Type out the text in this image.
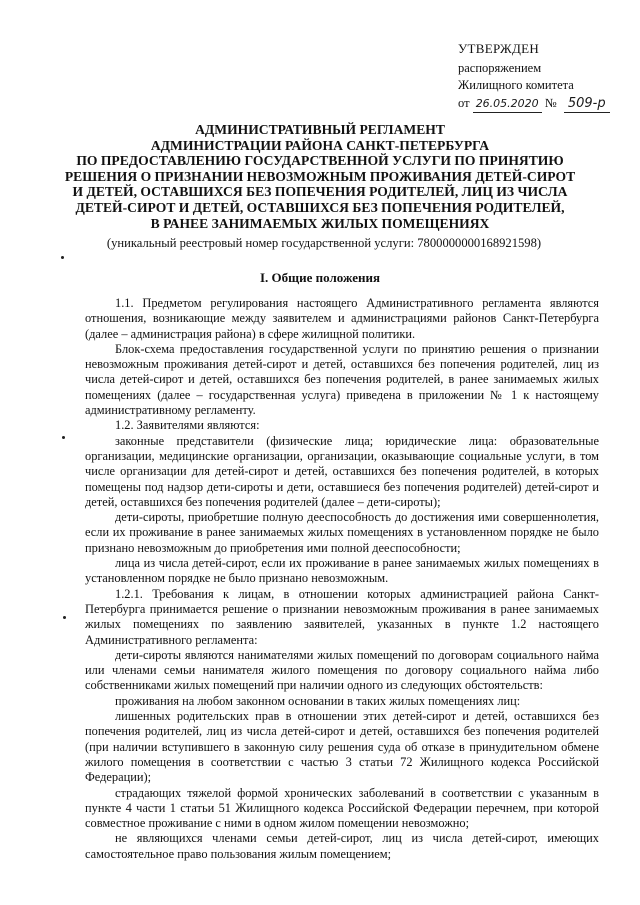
УТВЕРЖДЕН
распоряжением
Жилищного комитета
от 26.05.2020 № 509-р
АДМИНИСТРАТИВНЫЙ РЕГЛАМЕНТ
АДМИНИСТРАЦИИ РАЙОНА САНКТ-ПЕТЕРБУРГА
ПО ПРЕДОСТАВЛЕНИЮ ГОСУДАРСТВЕННОЙ УСЛУГИ ПО ПРИНЯТИЮ
РЕШЕНИЯ О ПРИЗНАНИИ НЕВОЗМОЖНЫМ ПРОЖИВАНИЯ ДЕТЕЙ-СИРОТ
И ДЕТЕЙ, ОСТАВШИХСЯ БЕЗ ПОПЕЧЕНИЯ РОДИТЕЛЕЙ, ЛИЦ ИЗ ЧИСЛА
ДЕТЕЙ-СИРОТ И ДЕТЕЙ, ОСТАВШИХСЯ БЕЗ ПОПЕЧЕНИЯ РОДИТЕЛЕЙ,
В РАНЕЕ ЗАНИМАЕМЫХ ЖИЛЫХ ПОМЕЩЕНИЯХ
(уникальный реестровый номер государственной услуги: 7800000000168921598)
I. Общие положения

1.1. Предметом регулирования настоящего Административного регламента являются отношения, возникающие между заявителем и администрациями районов Санкт-Петербурга (далее – администрация района) в сфере жилищной политики.

Блок-схема предоставления государственной услуги по принятию решения о признании невозможным проживания детей-сирот и детей, оставшихся без попечения родителей, лиц из числа детей-сирот и детей, оставшихся без попечения родителей, в ранее занимаемых жилых помещениях (далее – государственная услуга) приведена в приложении № 1 к настоящему административному регламенту.

1.2. Заявителями являются:

законные представители (физические лица; юридические лица: образовательные организации, медицинские организации, организации, оказывающие социальные услуги, в том числе организации для детей-сирот и детей, оставшихся без попечения родителей, в которых помещены под надзор дети-сироты и дети, оставшиеся без попечения родителей) детей-сирот и детей, оставшихся без попечения родителей (далее – дети-сироты);

дети-сироты, приобретшие полную дееспособность до достижения ими совершеннолетия, если их проживание в ранее занимаемых жилых помещениях в установленном порядке не было признано невозможным до приобретения ими полной дееспособности;

лица из числа детей-сирот, если их проживание в ранее занимаемых жилых помещениях в установленном порядке не было признано невозможным.

1.2.1. Требования к лицам, в отношении которых администрацией района Санкт-Петербурга принимается решение о признании невозможным проживания в ранее занимаемых жилых помещениях по заявлению заявителей, указанных в пункте 1.2 настоящего Административного регламента:

дети-сироты являются нанимателями жилых помещений по договорам социального найма или членами семьи нанимателя жилого помещения по договору социального найма либо собственниками жилых помещений при наличии одного из следующих обстоятельств:

проживания на любом законном основании в таких жилых помещениях лиц:

лишенных родительских прав в отношении этих детей-сирот и детей, оставшихся без попечения родителей, лиц из числа детей-сирот и детей, оставшихся без попечения родителей (при наличии вступившего в законную силу решения суда об отказе в принудительном обмене жилого помещения в соответствии с частью 3 статьи 72 Жилищного кодекса Российской Федерации);

страдающих тяжелой формой хронических заболеваний в соответствии с указанным в пункте 4 части 1 статьи 51 Жилищного кодекса Российской Федерации перечнем, при которой совместное проживание с ними в одном жилом помещении невозможно;

не являющихся членами семьи детей-сирот, лиц из числа детей-сирот, имеющих самостоятельное право пользования жилым помещением;
